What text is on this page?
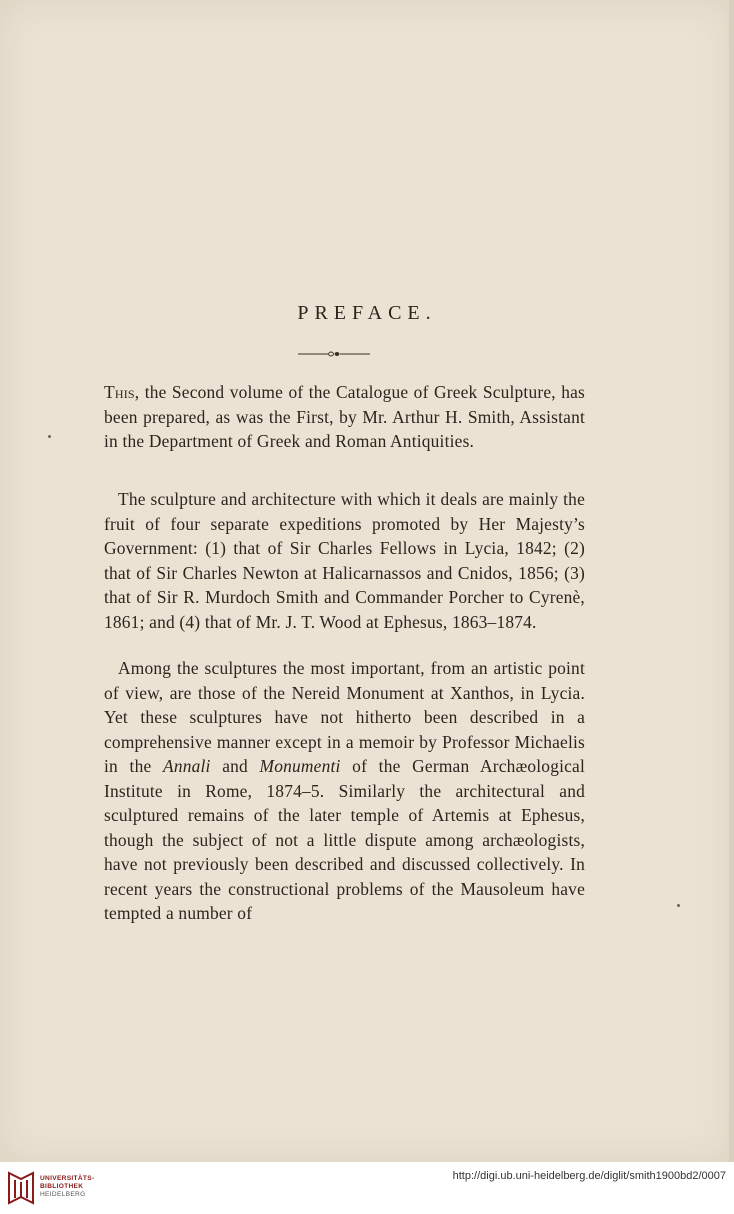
PREFACE.

This, the Second volume of the Catalogue of Greek Sculpture, has been prepared, as was the First, by Mr. Arthur H. Smith, Assistant in the Department of Greek and Roman Antiquities.

The sculpture and architecture with which it deals are mainly the fruit of four separate expeditions promoted by Her Majesty’s Government: (1) that of Sir Charles Fellows in Lycia, 1842; (2) that of Sir Charles Newton at Halicarnassos and Cnidos, 1856; (3) that of Sir R. Murdoch Smith and Commander Porcher to Cyrenè, 1861; and (4) that of Mr. J. T. Wood at Ephesus, 1863–1874.

Among the sculptures the most important, from an artistic point of view, are those of the Nereid Monument at Xanthos, in Lycia. Yet these sculptures have not hitherto been described in a comprehensive manner except in a memoir by Professor Michaelis in the Annali and Monumenti of the German Archæological Institute in Rome, 1874–5. Similarly the architectural and sculptured remains of the later temple of Artemis at Ephesus, though the subject of not a little dispute among archæologists, have not previously been described and discussed collectively. In recent years the constructional problems of the Mausoleum have tempted a number of

UNIVERSITÄTS-
BIBLIOTHEK
HEIDELBERG
http://digi.ub.uni-heidelberg.de/diglit/smith1900bd2/0007
